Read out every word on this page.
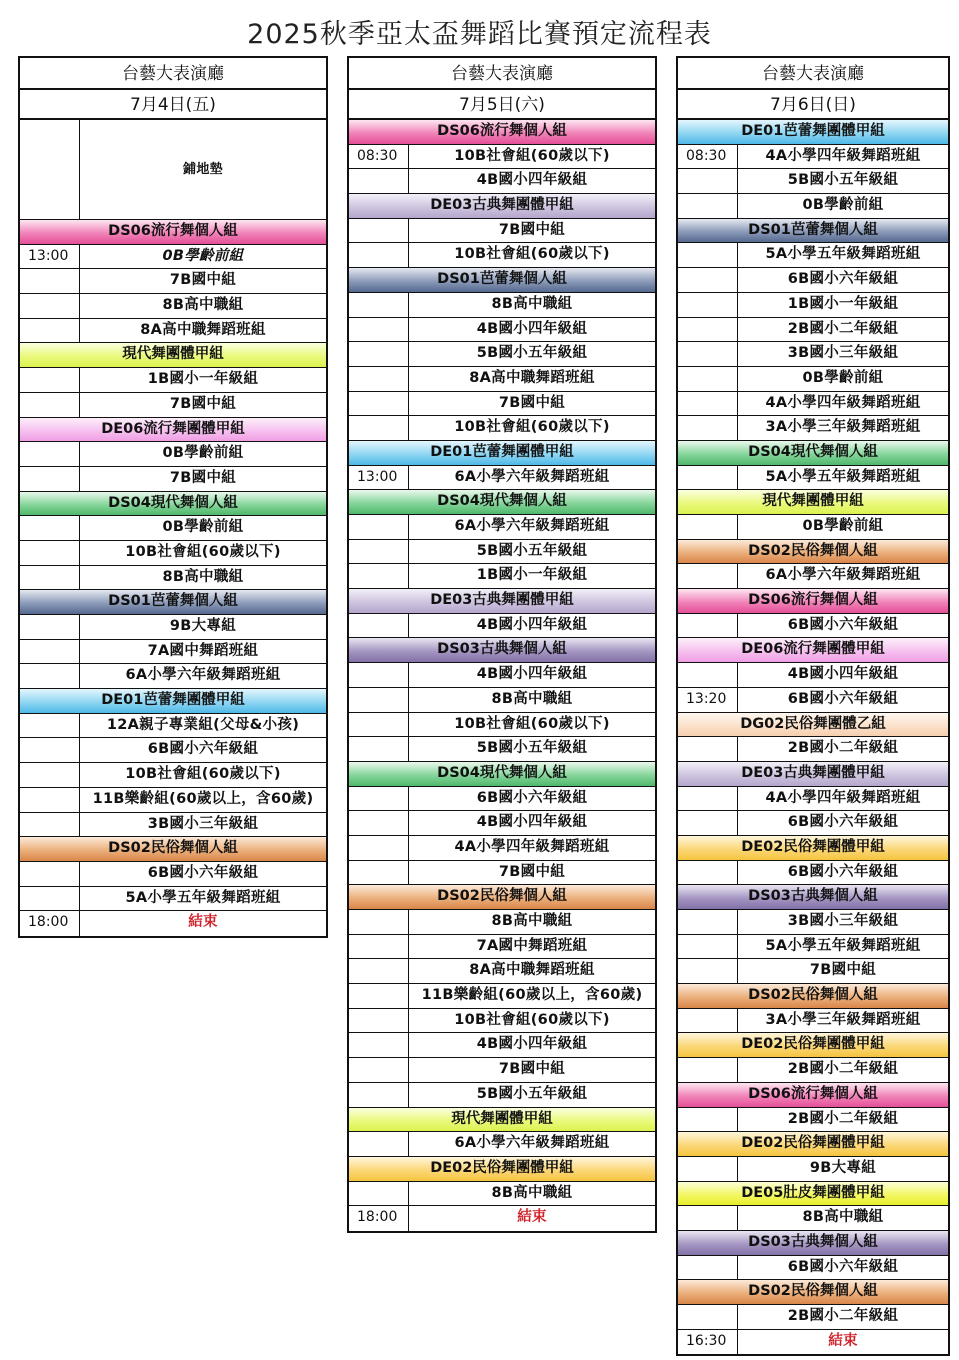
2025秋季亞太盃舞蹈比賽預定流程表
台藝大表演廳
7月4日(五)
鋪地墊
DS06流行舞個人組
13:00	0B學齡前組
7B國中組
8B高中職組
8A高中職舞蹈班組
現代舞團體甲組
1B國小一年級組
7B國中組
DE06流行舞團體甲組
0B學齡前組
7B國中組
DS04現代舞個人組
0B學齡前組
10B社會組(60歲以下)
8B高中職組
DS01芭蕾舞個人組
9B大專組
7A國中舞蹈班組
6A小學六年級舞蹈班組
DE01芭蕾舞團體甲組
12A親子專業組(父母&小孩)
6B國小六年級組
10B社會組(60歲以下)
11B樂齡組(60歲以上，含60歲)
3B國小三年級組
DS02民俗舞個人組
6B國小六年級組
5A小學五年級舞蹈班組
18:00	結束
台藝大表演廳
7月5日(六)
DS06流行舞個人組
08:30	10B社會組(60歲以下)
4B國小四年級組
DE03古典舞團體甲組
7B國中組
10B社會組(60歲以下)
DS01芭蕾舞個人組
8B高中職組
4B國小四年級組
5B國小五年級組
8A高中職舞蹈班組
7B國中組
10B社會組(60歲以下)
DE01芭蕾舞團體甲組
13:00	6A小學六年級舞蹈班組
DS04現代舞個人組
6A小學六年級舞蹈班組
5B國小五年級組
1B國小一年級組
DE03古典舞團體甲組
4B國小四年級組
DS03古典舞個人組
4B國小四年級組
8B高中職組
10B社會組(60歲以下)
5B國小五年級組
DS04現代舞個人組
6B國小六年級組
4B國小四年級組
4A小學四年級舞蹈班組
7B國中組
DS02民俗舞個人組
8B高中職組
7A國中舞蹈班組
8A高中職舞蹈班組
11B樂齡組(60歲以上，含60歲)
10B社會組(60歲以下)
4B國小四年級組
7B國中組
5B國小五年級組
現代舞團體甲組
6A小學六年級舞蹈班組
DE02民俗舞團體甲組
8B高中職組
18:00	結束
台藝大表演廳
7月6日(日)
DE01芭蕾舞團體甲組
08:30	4A小學四年級舞蹈班組
5B國小五年級組
0B學齡前組
DS01芭蕾舞個人組
5A小學五年級舞蹈班組
6B國小六年級組
1B國小一年級組
2B國小二年級組
3B國小三年級組
0B學齡前組
4A小學四年級舞蹈班組
3A小學三年級舞蹈班組
DS04現代舞個人組
5A小學五年級舞蹈班組
現代舞團體甲組
0B學齡前組
DS02民俗舞個人組
6A小學六年級舞蹈班組
DS06流行舞個人組
6B國小六年級組
DE06流行舞團體甲組
4B國小四年級組
13:20	6B國小六年級組
DG02民俗舞團體乙組
2B國小二年級組
DE03古典舞團體甲組
4A小學四年級舞蹈班組
6B國小六年級組
DE02民俗舞團體甲組
6B國小六年級組
DS03古典舞個人組
3B國小三年級組
5A小學五年級舞蹈班組
7B國中組
DS02民俗舞個人組
3A小學三年級舞蹈班組
DE02民俗舞團體甲組
2B國小二年級組
DS06流行舞個人組
2B國小二年級組
DE02民俗舞團體甲組
9B大專組
DE05肚皮舞團體甲組
8B高中職組
DS03古典舞個人組
6B國小六年級組
DS02民俗舞個人組
2B國小二年級組
16:30	結束
